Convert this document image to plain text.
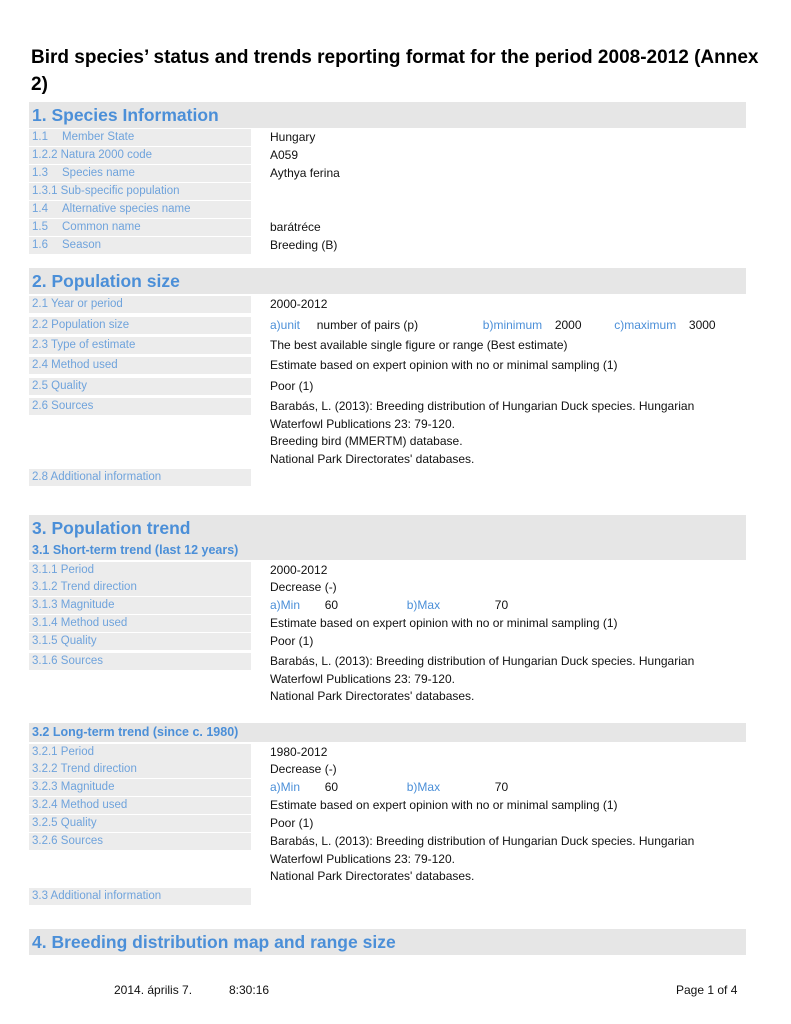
Bird species’ status and trends reporting format for the period 2008-2012 (Annex 2)
1. Species Information
1.1 Member State	Hungary
1.2.2 Natura 2000 code	A059
1.3 Species name	Aythya ferina
1.3.1 Sub-specific population
1.4 Alternative species name
1.5 Common name	barátréce
1.6 Season	Breeding (B)
2. Population size
2.1 Year or period	2000-2012
2.2 Population size	a)unit number of pairs (p)	b)minimum 2000	c)maximum 3000
2.3 Type of estimate	The best available single figure or range (Best estimate)
2.4 Method used	Estimate based on expert opinion with no or minimal sampling (1)
2.5 Quality	Poor (1)
2.6 Sources	Barabás, L. (2013): Breeding distribution of Hungarian Duck species. Hungarian
Waterfowl Publications 23: 79-120.
Breeding bird (MMERTM) database.
National Park Directorates' databases.
2.8 Additional information
3. Population trend
3.1 Short-term trend (last 12 years)
3.1.1 Period	2000-2012
3.1.2 Trend direction	Decrease (-)
3.1.3 Magnitude	a)Min 60	b)Max	70
3.1.4 Method used	Estimate based on expert opinion with no or minimal sampling (1)
3.1.5 Quality	Poor (1)
3.1.6 Sources	Barabás, L. (2013): Breeding distribution of Hungarian Duck species. Hungarian
Waterfowl Publications 23: 79-120.
National Park Directorates' databases.
3.2 Long-term trend (since c. 1980)
3.2.1 Period	1980-2012
3.2.2 Trend direction	Decrease (-)
3.2.3 Magnitude	a)Min 60	b)Max	70
3.2.4 Method used	Estimate based on expert opinion with no or minimal sampling (1)
3.2.5 Quality	Poor (1)
3.2.6 Sources	Barabás, L. (2013): Breeding distribution of Hungarian Duck species. Hungarian
Waterfowl Publications 23: 79-120.
National Park Directorates' databases.
3.3 Additional information
4. Breeding distribution map and range size
2014. április 7.	8:30:16	Page 1 of 4
